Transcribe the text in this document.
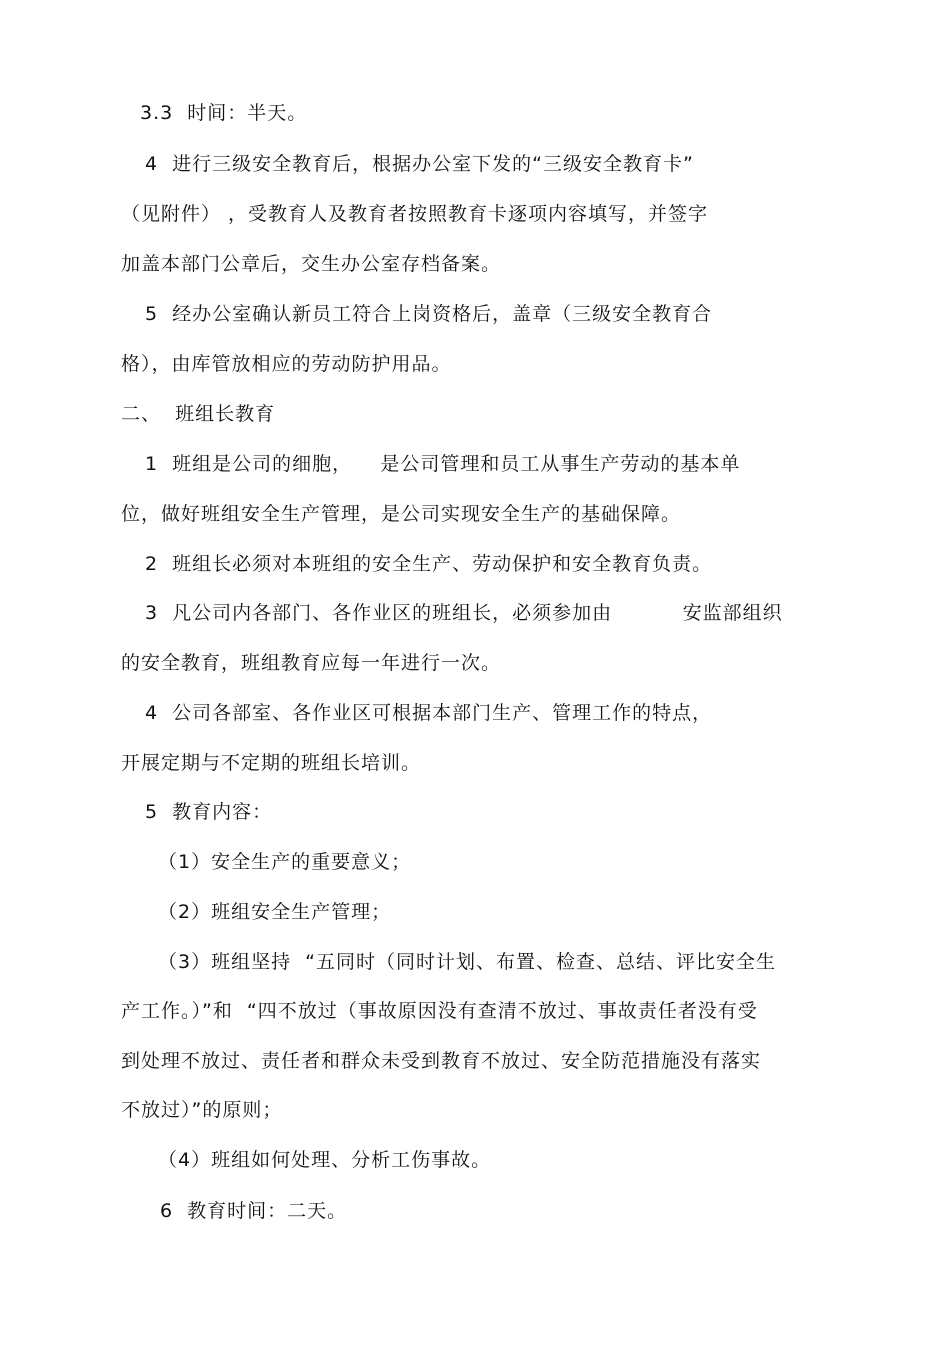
3.3  时间：半天。
4  进行三级安全教育后，根据办公室下发的“三级安全教育卡”
（见附件） ，受教育人及教育者按照教育卡逐项内容填写，并签字
加盖本部门公章后，交生办公室存档备案。
5  经办公室确认新员工符合上岗资格后，盖章（三级安全教育合
格），由库管放相应的劳动防护用品。
二、  班组长教育
1  班组是公司的细胞，    是公司管理和员工从事生产劳动的基本单
位，做好班组安全生产管理，是公司实现安全生产的基础保障。
2  班组长必须对本班组的安全生产、劳动保护和安全教育负责。
3  凡公司内各部门、各作业区的班组长，必须参加由          安监部组织
的安全教育，班组教育应每一年进行一次。
4  公司各部室、各作业区可根据本部门生产、管理工作的特点，
开展定期与不定期的班组长培训。
5  教育内容：
（1）安全生产的重要意义；
（2）班组安全生产管理；
（3）班组坚持  “五同时（同时计划、布置、检查、总结、评比安全生
产工作。）”和  “四不放过（事故原因没有查清不放过、事故责任者没有受
到处理不放过、责任者和群众未受到教育不放过、安全防范措施没有落实
不放过）”的原则；
（4）班组如何处理、分析工伤事故。
6  教育时间：二天。
